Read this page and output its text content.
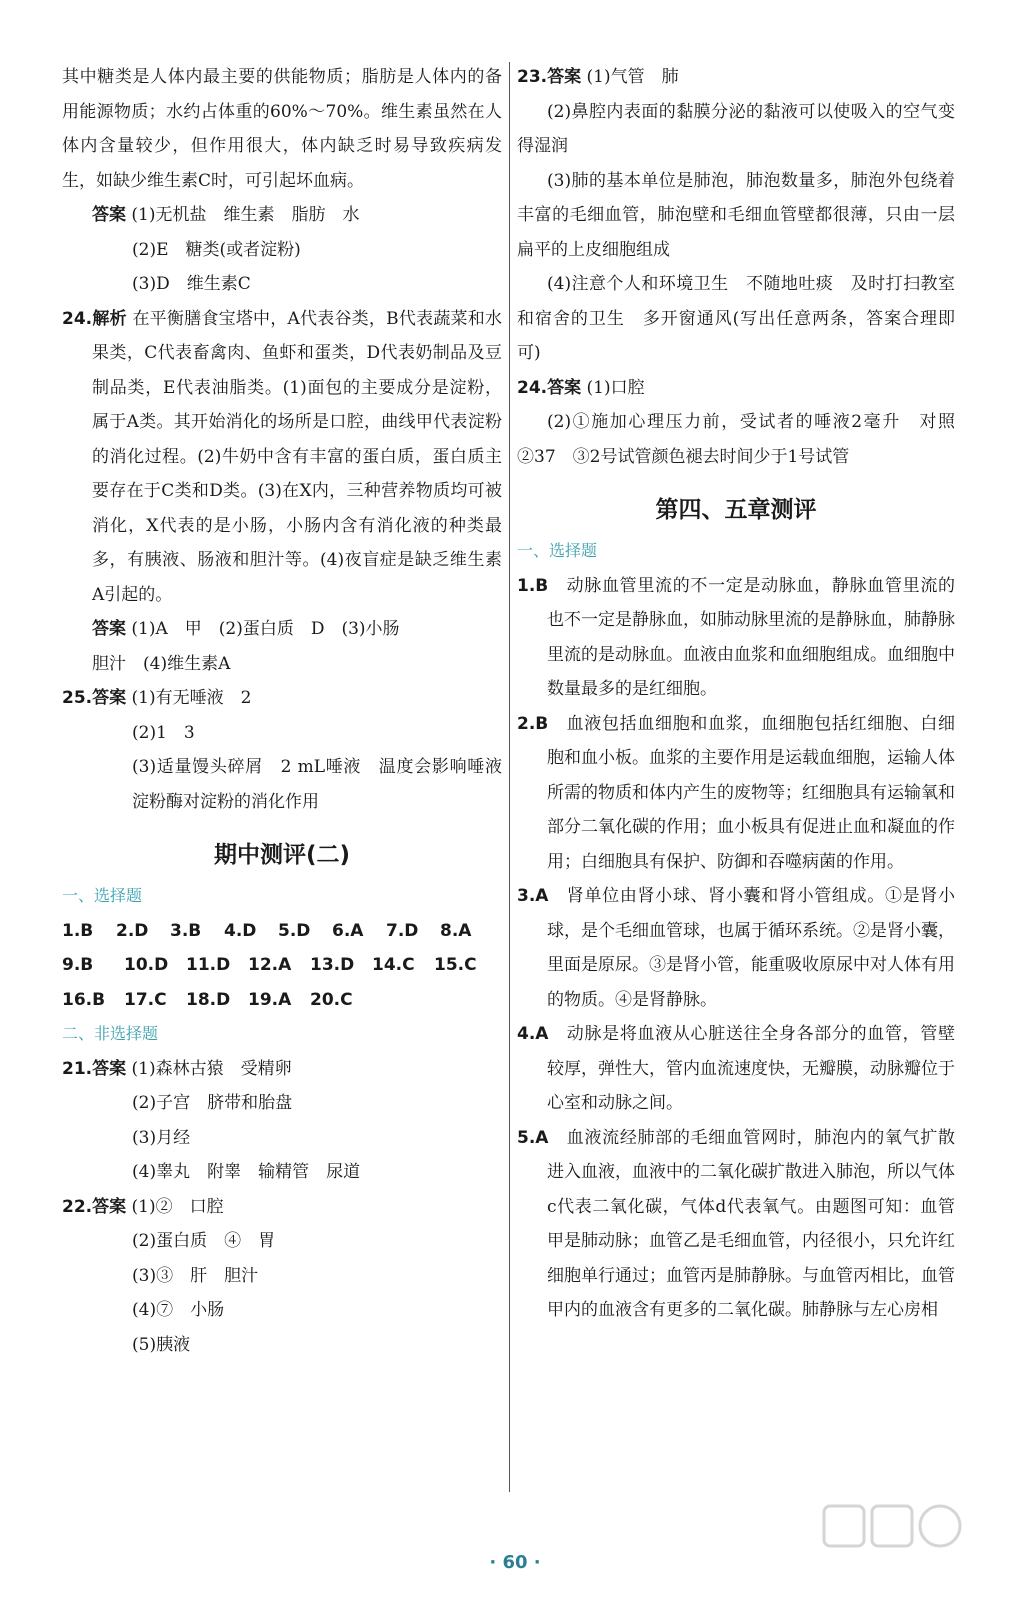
其中糖类是人体内最主要的供能物质；脂肪是人体内的备用能源物质；水约占体重的60%～70%。维生素虽然在人体内含量较少，但作用很大，体内缺乏时易导致疾病发生，如缺少维生素C时，可引起坏血病。

答案 (1)无机盐　维生素　脂肪　水

(2)E　糖类(或者淀粉)

(3)D　维生素C

24.解析 在平衡膳食宝塔中，A代表谷类，B代表蔬菜和水果类，C代表畜禽肉、鱼虾和蛋类，D代表奶制品及豆制品类，E代表油脂类。(1)面包的主要成分是淀粉，属于A类。其开始消化的场所是口腔，曲线甲代表淀粉的消化过程。(2)牛奶中含有丰富的蛋白质，蛋白质主要存在于C类和D类。(3)在X内，三种营养物质均可被消化，X代表的是小肠，小肠内含有消化液的种类最多，有胰液、肠液和胆汁等。(4)夜盲症是缺乏维生素A引起的。

答案 (1)A　甲　(2)蛋白质　D　(3)小肠

胆汁　(4)维生素A

25.答案 (1)有无唾液　2

(2)1　3

(3)适量馒头碎屑　2 mL唾液　温度会影响唾液淀粉酶对淀粉的消化作用

期中测评(二)

一、选择题

1.B 2.D 3.B 4.D 5.D 6.A 7.D 8.A
9.B 10.D 11.D 12.A 13.D 14.C 15.C
16.B 17.C 18.D 19.A 20.C

二、非选择题

21.答案 (1)森林古猿　受精卵

(2)子宫　脐带和胎盘

(3)月经

(4)睾丸　附睾　输精管　尿道

22.答案 (1)②　口腔

(2)蛋白质　④　胃

(3)③　肝　胆汁

(4)⑦　小肠

(5)胰液

23.答案 (1)气管　肺

(2)鼻腔内表面的黏膜分泌的黏液可以使吸入的空气变得湿润

(3)肺的基本单位是肺泡，肺泡数量多，肺泡外包绕着丰富的毛细血管，肺泡壁和毛细血管壁都很薄，只由一层扁平的上皮细胞组成

(4)注意个人和环境卫生　不随地吐痰　及时打扫教室和宿舍的卫生　多开窗通风(写出任意两条，答案合理即可)

24.答案 (1)口腔

(2)①施加心理压力前，受试者的唾液2毫升　对照　②37　③2号试管颜色褪去时间少于1号试管

第四、五章测评

一、选择题

1.B　动脉血管里流的不一定是动脉血，静脉血管里流的也不一定是静脉血，如肺动脉里流的是静脉血，肺静脉里流的是动脉血。血液由血浆和血细胞组成。血细胞中数量最多的是红细胞。

2.B　血液包括血细胞和血浆，血细胞包括红细胞、白细胞和血小板。血浆的主要作用是运载血细胞，运输人体所需的物质和体内产生的废物等；红细胞具有运输氧和部分二氧化碳的作用；血小板具有促进止血和凝血的作用；白细胞具有保护、防御和吞噬病菌的作用。

3.A　肾单位由肾小球、肾小囊和肾小管组成。①是肾小球，是个毛细血管球，也属于循环系统。②是肾小囊，里面是原尿。③是肾小管，能重吸收原尿中对人体有用的物质。④是肾静脉。

4.A　动脉是将血液从心脏送往全身各部分的血管，管壁较厚，弹性大，管内血流速度快，无瓣膜，动脉瓣位于心室和动脉之间。

5.A　血液流经肺部的毛细血管网时，肺泡内的氧气扩散进入血液，血液中的二氧化碳扩散进入肺泡，所以气体c代表二氧化碳，气体d代表氧气。由题图可知：血管甲是肺动脉；血管乙是毛细血管，内径很小，只允许红细胞单行通过；血管丙是肺静脉。与血管丙相比，血管甲内的血液含有更多的二氧化碳。肺静脉与左心房相

· 60 ·
